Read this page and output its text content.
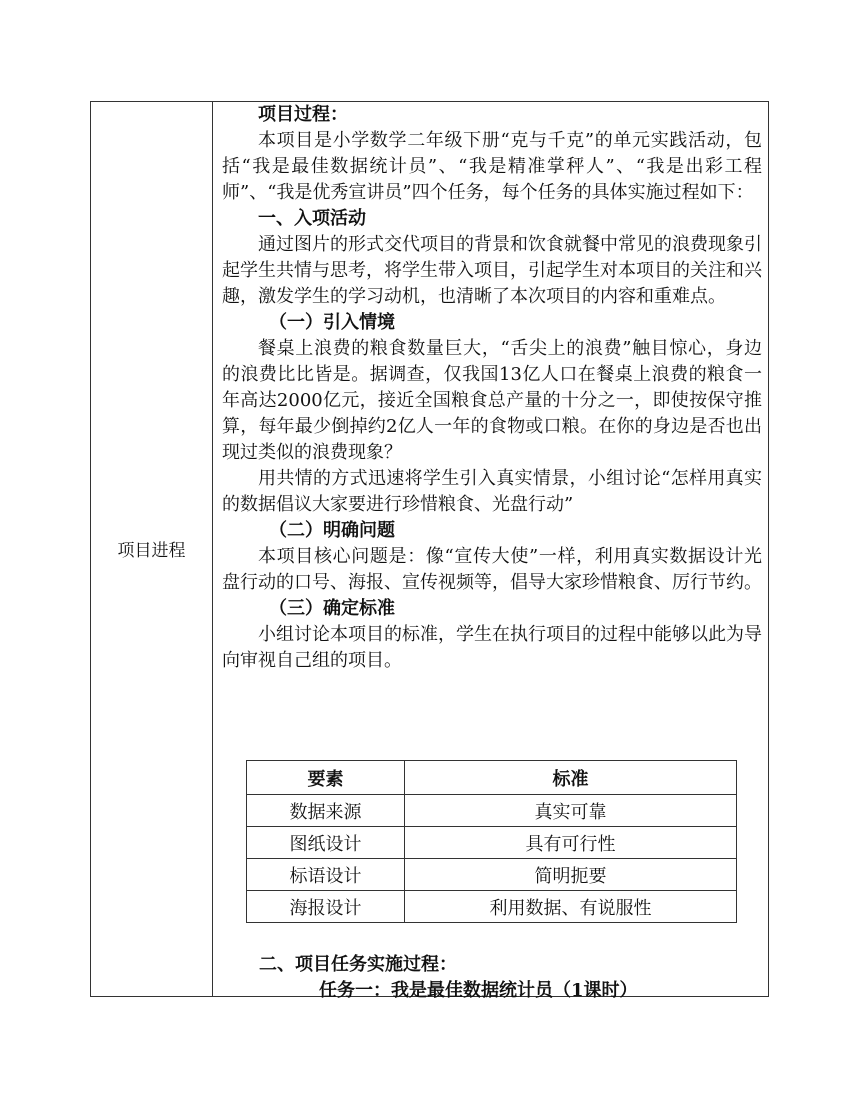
项目进程

项目过程：

本项目是小学数学二年级下册“克与千克”的单元实践活动，包括“我是最佳数据统计员”、“我是精准掌秤人”、“我是出彩工程师”、“我是优秀宣讲员”四个任务，每个任务的具体实施过程如下：

一、入项活动

通过图片的形式交代项目的背景和饮食就餐中常见的浪费现象引起学生共情与思考，将学生带入项目，引起学生对本项目的关注和兴趣，激发学生的学习动机，也清晰了本次项目的内容和重难点。

（一）引入情境

餐桌上浪费的粮食数量巨大，“舌尖上的浪费”触目惊心，身边的浪费比比皆是。据调查，仅我国13亿人口在餐桌上浪费的粮食一年高达2000亿元，接近全国粮食总产量的十分之一，即使按保守推算，每年最少倒掉约2亿人一年的食物或口粮。在你的身边是否也出现过类似的浪费现象？

用共情的方式迅速将学生引入真实情景，小组讨论“怎样用真实的数据倡议大家要进行珍惜粮食、光盘行动”

（二）明确问题

本项目核心问题是：像“宣传大使”一样，利用真实数据设计光盘行动的口号、海报、宣传视频等，倡导大家珍惜粮食、厉行节约。

（三）确定标准

小组讨论本项目的标准，学生在执行项目的过程中能够以此为导向审视自己组的项目。

要素	标准
数据来源	真实可靠
图纸设计	具有可行性
标语设计	简明扼要
海报设计	利用数据、有说服性
二、项目任务实施过程：
任务一：我是最佳数据统计员（1课时）
